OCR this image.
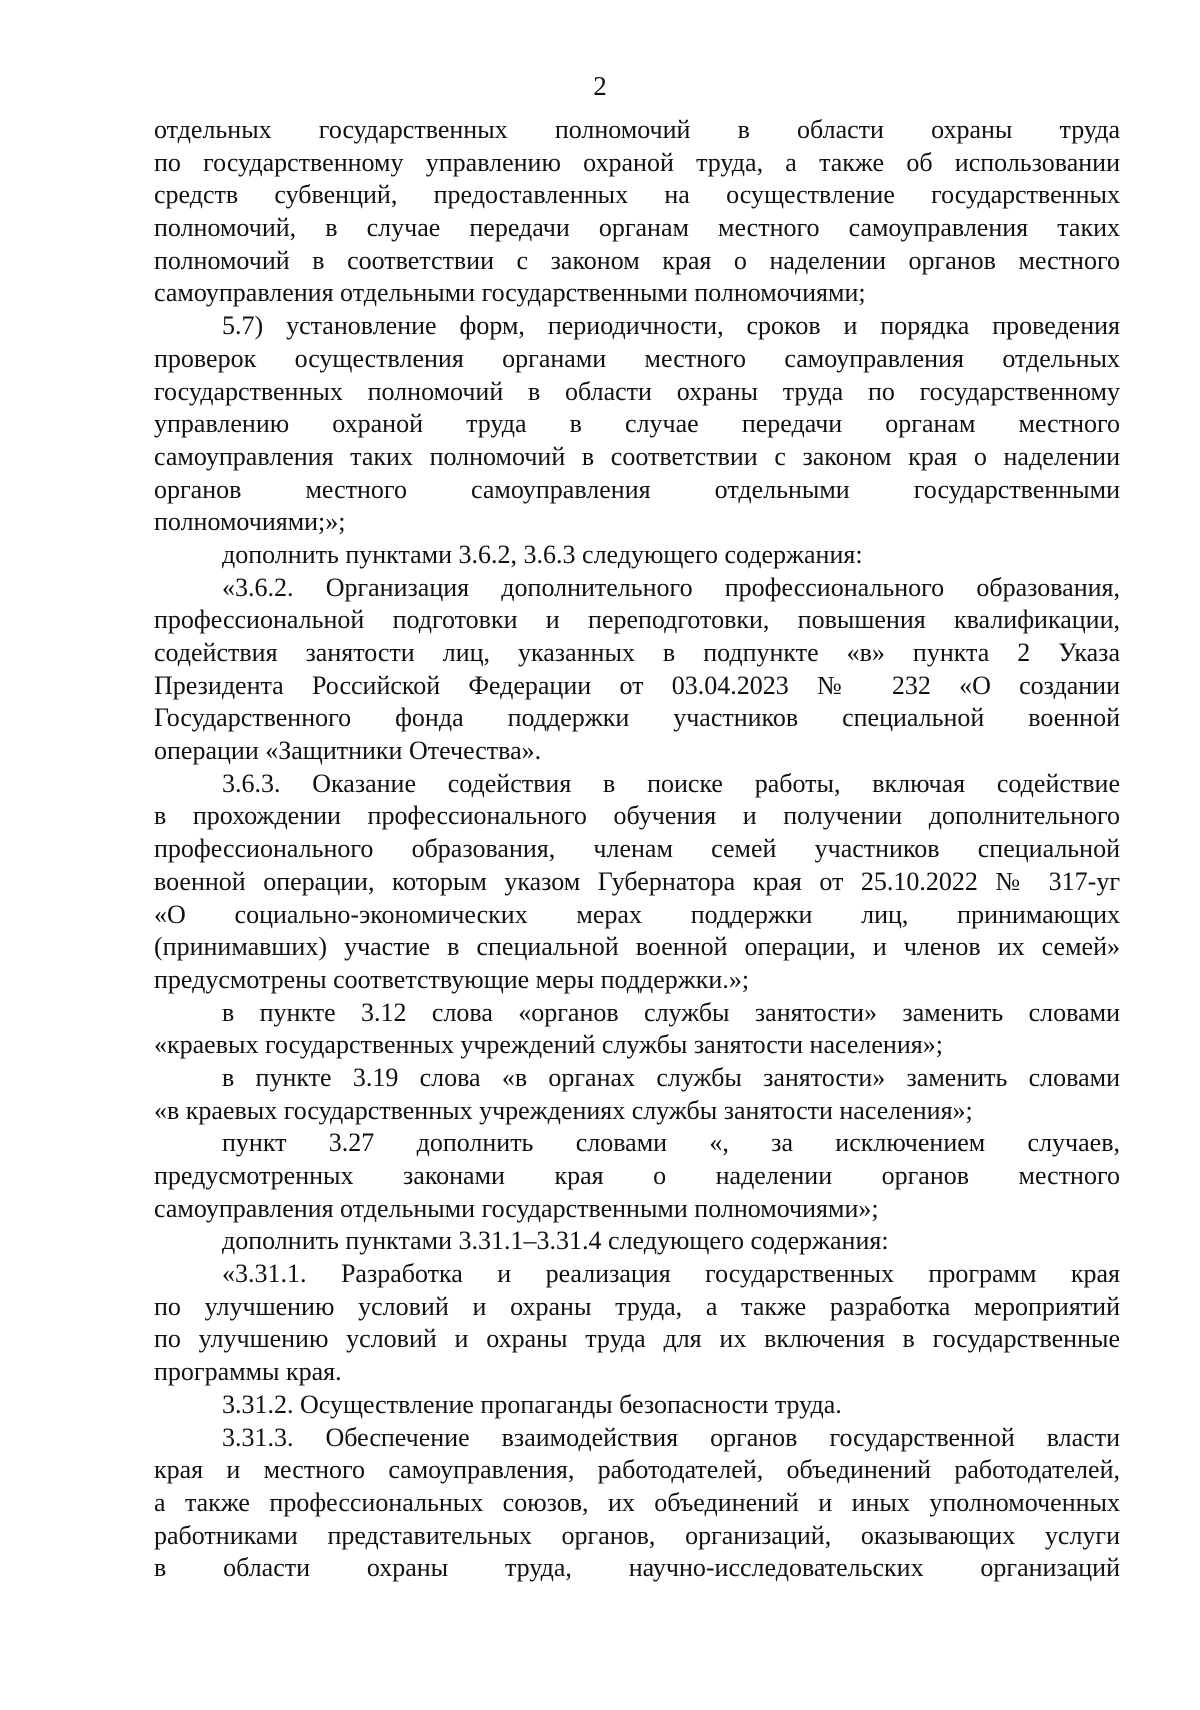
2
отдельных государственных полномочий в области охраны труда
по государственному управлению охраной труда, а также об использовании
средств субвенций, предоставленных на осуществление государственных
полномочий, в случае передачи органам местного самоуправления таких
полномочий в соответствии с законом края о наделении органов местного
самоуправления отдельными государственными полномочиями;
5.7) установление форм, периодичности, сроков и порядка проведения
проверок осуществления органами местного самоуправления отдельных
государственных полномочий в области охраны труда по государственному
управлению охраной труда в случае передачи органам местного
самоуправления таких полномочий в соответствии с законом края о наделении
органов местного самоуправления отдельными государственными
полномочиями;»;
дополнить пунктами 3.6.2, 3.6.3 следующего содержания:
«3.6.2. Организация дополнительного профессионального образования,
профессиональной подготовки и переподготовки, повышения квалификации,
содействия занятости лиц, указанных в подпункте «в» пункта 2 Указа
Президента Российской Федерации от 03.04.2023 № 232 «О создании
Государственного фонда поддержки участников специальной военной
операции «Защитники Отечества».
3.6.3. Оказание содействия в поиске работы, включая содействие
в прохождении профессионального обучения и получении дополнительного
профессионального образования, членам семей участников специальной
военной операции, которым указом Губернатора края от 25.10.2022 № 317-уг
«О социально-экономических мерах поддержки лиц, принимающих
(принимавших) участие в специальной военной операции, и членов их семей»
предусмотрены соответствующие меры поддержки.»;
в пункте 3.12 слова «органов службы занятости» заменить словами
«краевых государственных учреждений службы занятости населения»;
в пункте 3.19 слова «в органах службы занятости» заменить словами
«в краевых государственных учреждениях службы занятости населения»;
пункт 3.27 дополнить словами «, за исключением случаев,
предусмотренных законами края о наделении органов местного
самоуправления отдельными государственными полномочиями»;
дополнить пунктами 3.31.1–3.31.4 следующего содержания:
«3.31.1. Разработка и реализация государственных программ края
по улучшению условий и охраны труда, а также разработка мероприятий
по улучшению условий и охраны труда для их включения в государственные
программы края.
3.31.2. Осуществление пропаганды безопасности труда.
3.31.3. Обеспечение взаимодействия органов государственной власти
края и местного самоуправления, работодателей, объединений работодателей,
а также профессиональных союзов, их объединений и иных уполномоченных
работниками представительных органов, организаций, оказывающих услуги
в области охраны труда, научно-исследовательских организаций
